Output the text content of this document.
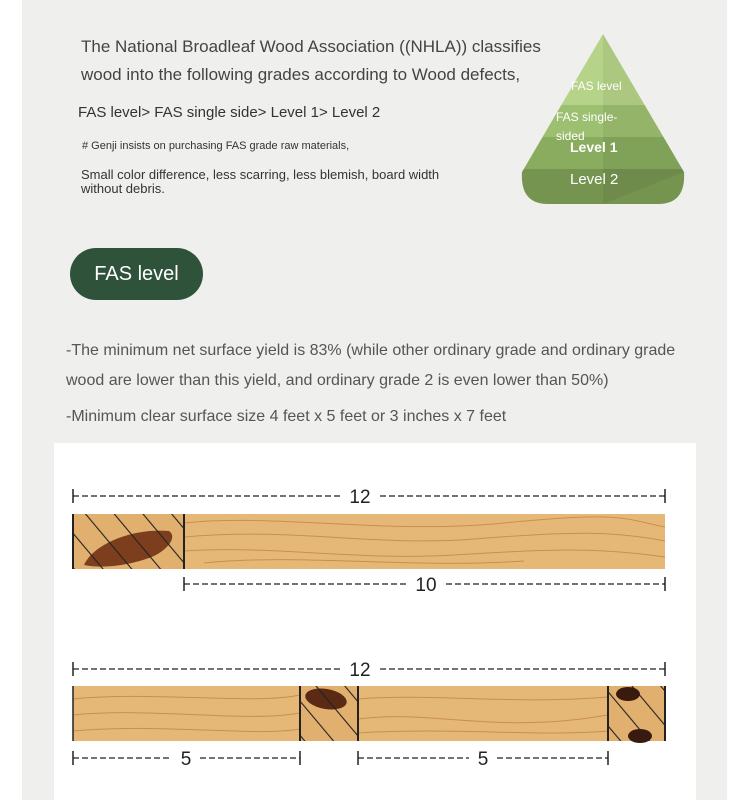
The National Broadleaf Wood Association ((NHLA)) classifies wood into the following grades according to Wood defects,
FAS level> FAS single side> Level 1> Level 2
# Genji insists on purchasing FAS grade raw materials,
Small color difference, less scarring, less blemish, board width without debris.
FAS level
FAS single-sided
Level 1
Level 2
FAS level
-The minimum net surface yield is 83% (while other ordinary grade and ordinary grade wood are lower than this yield, and ordinary grade 2 is even lower than 50%)
-Minimum clear surface size 4 feet x 5 feet or 3 inches x 7 feet
12
10
12
5	5
